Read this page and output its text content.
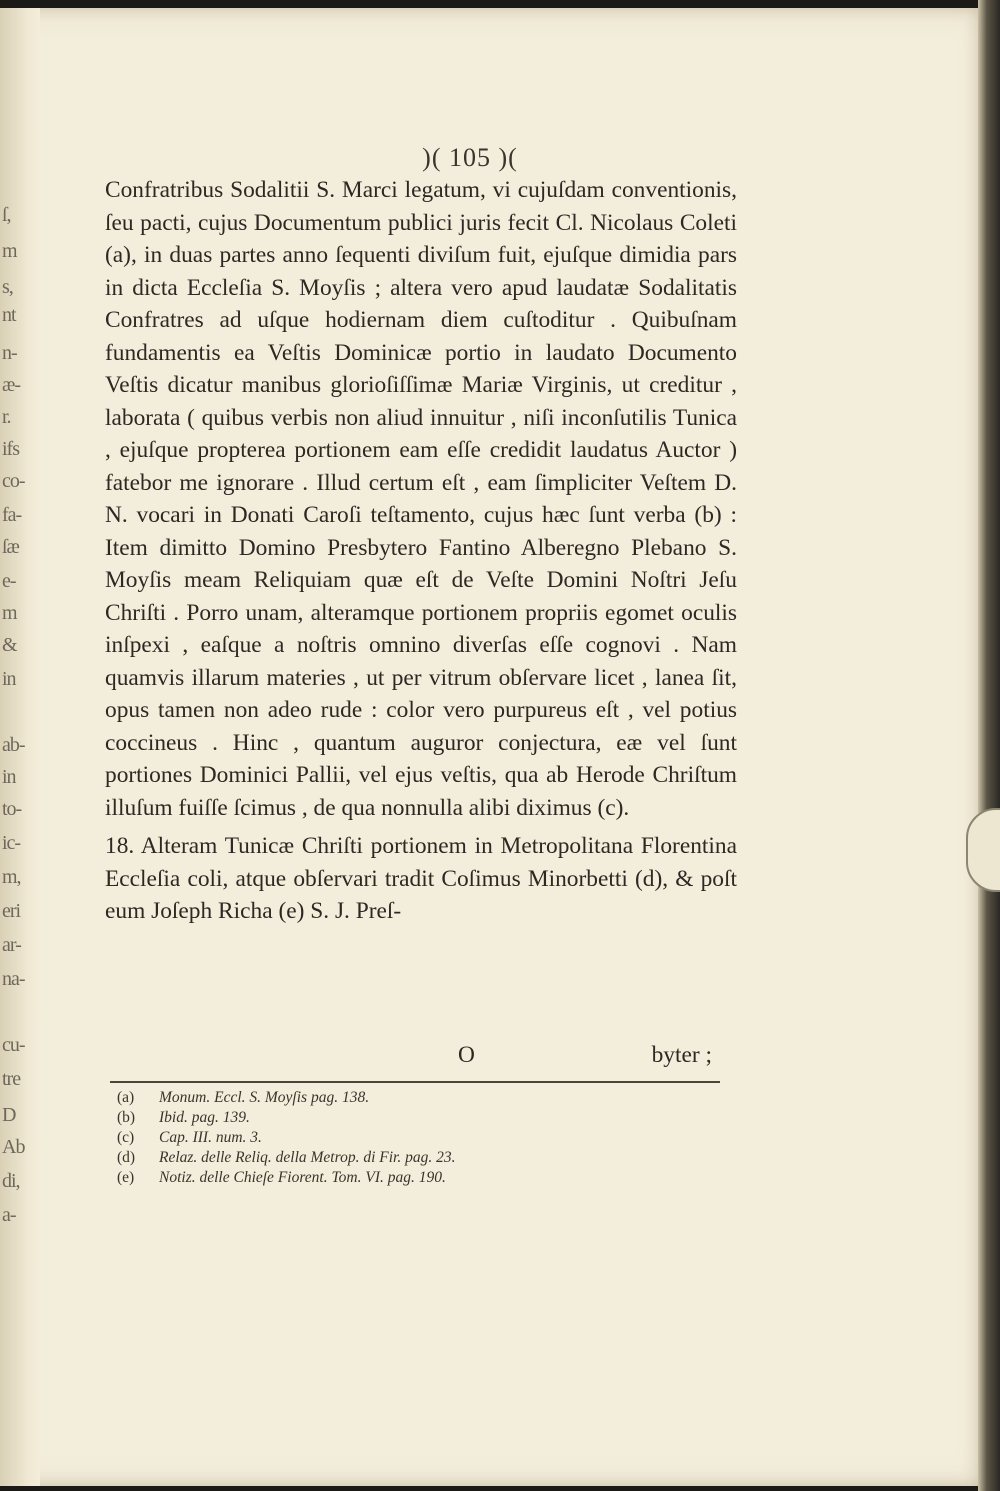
ſ,
m
s,
nt
n-
æ-
r.
ifs
co-
fa-
ſæ
e-
m
&
in
ab-
in
to-
ic-
m,
eri
ar-
na-
cu-
tre
D
Ab
di,
a-
)( 105 )(

Confratribus Sodalitii S. Marci legatum, vi cujuſdam conventionis, ſeu pacti, cujus Documentum publici juris fecit Cl. Nicolaus Coleti (a), in duas partes anno ſequenti diviſum fuit, ejuſque dimidia pars in dicta Eccleſia S. Moyſis ; altera vero apud laudatæ Sodalitatis Confratres ad uſque hodiernam diem cuſtoditur . Quibuſnam fundamentis ea Veſtis Dominicæ portio in laudato Documento Veſtis dicatur manibus glorioſiſſimæ Mariæ Virginis, ut creditur , laborata ( quibus verbis non aliud innuitur , niſi inconſutilis Tunica , ejuſque propterea portionem eam eſſe credidit laudatus Auctor ) fatebor me ignorare . Illud certum eſt , eam ſimpliciter Veſtem D. N. vocari in Donati Caroſi teſtamento, cujus hæc ſunt verba (b) : Item dimitto Domino Presbytero Fantino Alberegno Plebano S. Moyſis meam Reliquiam quæ eſt de Veſte Domini Noſtri Jeſu Chriſti . Porro unam, alteramque portionem propriis egomet oculis inſpexi , eaſque a noſtris omnino diverſas eſſe cognovi . Nam quamvis illarum materies , ut per vitrum obſervare licet , lanea ſit, opus tamen non adeo rude : color vero purpureus eſt , vel potius coccineus . Hinc , quantum auguror conjectura, eæ vel ſunt portiones Dominici Pallii, vel ejus veſtis, qua ab Herode Chriſtum illuſum fuiſſe ſcimus , de qua nonnulla alibi diximus (c).

18. Alteram Tunicæ Chriſti portionem in Metropolitana Florentina Eccleſia coli, atque obſervari tradit Coſimus Minorbetti (d), & poſt eum Joſeph Richa (e) S. J. Preſ-

O	byter ;
(a) Monum. Eccl. S. Moyſis pag. 138.
(b) Ibid. pag. 139.
(c) Cap. III. num. 3.
(d) Relaz. delle Reliq. della Metrop. di Fir. pag. 23.
(e) Notiz. delle Chieſe Fiorent. Tom. VI. pag. 190.
